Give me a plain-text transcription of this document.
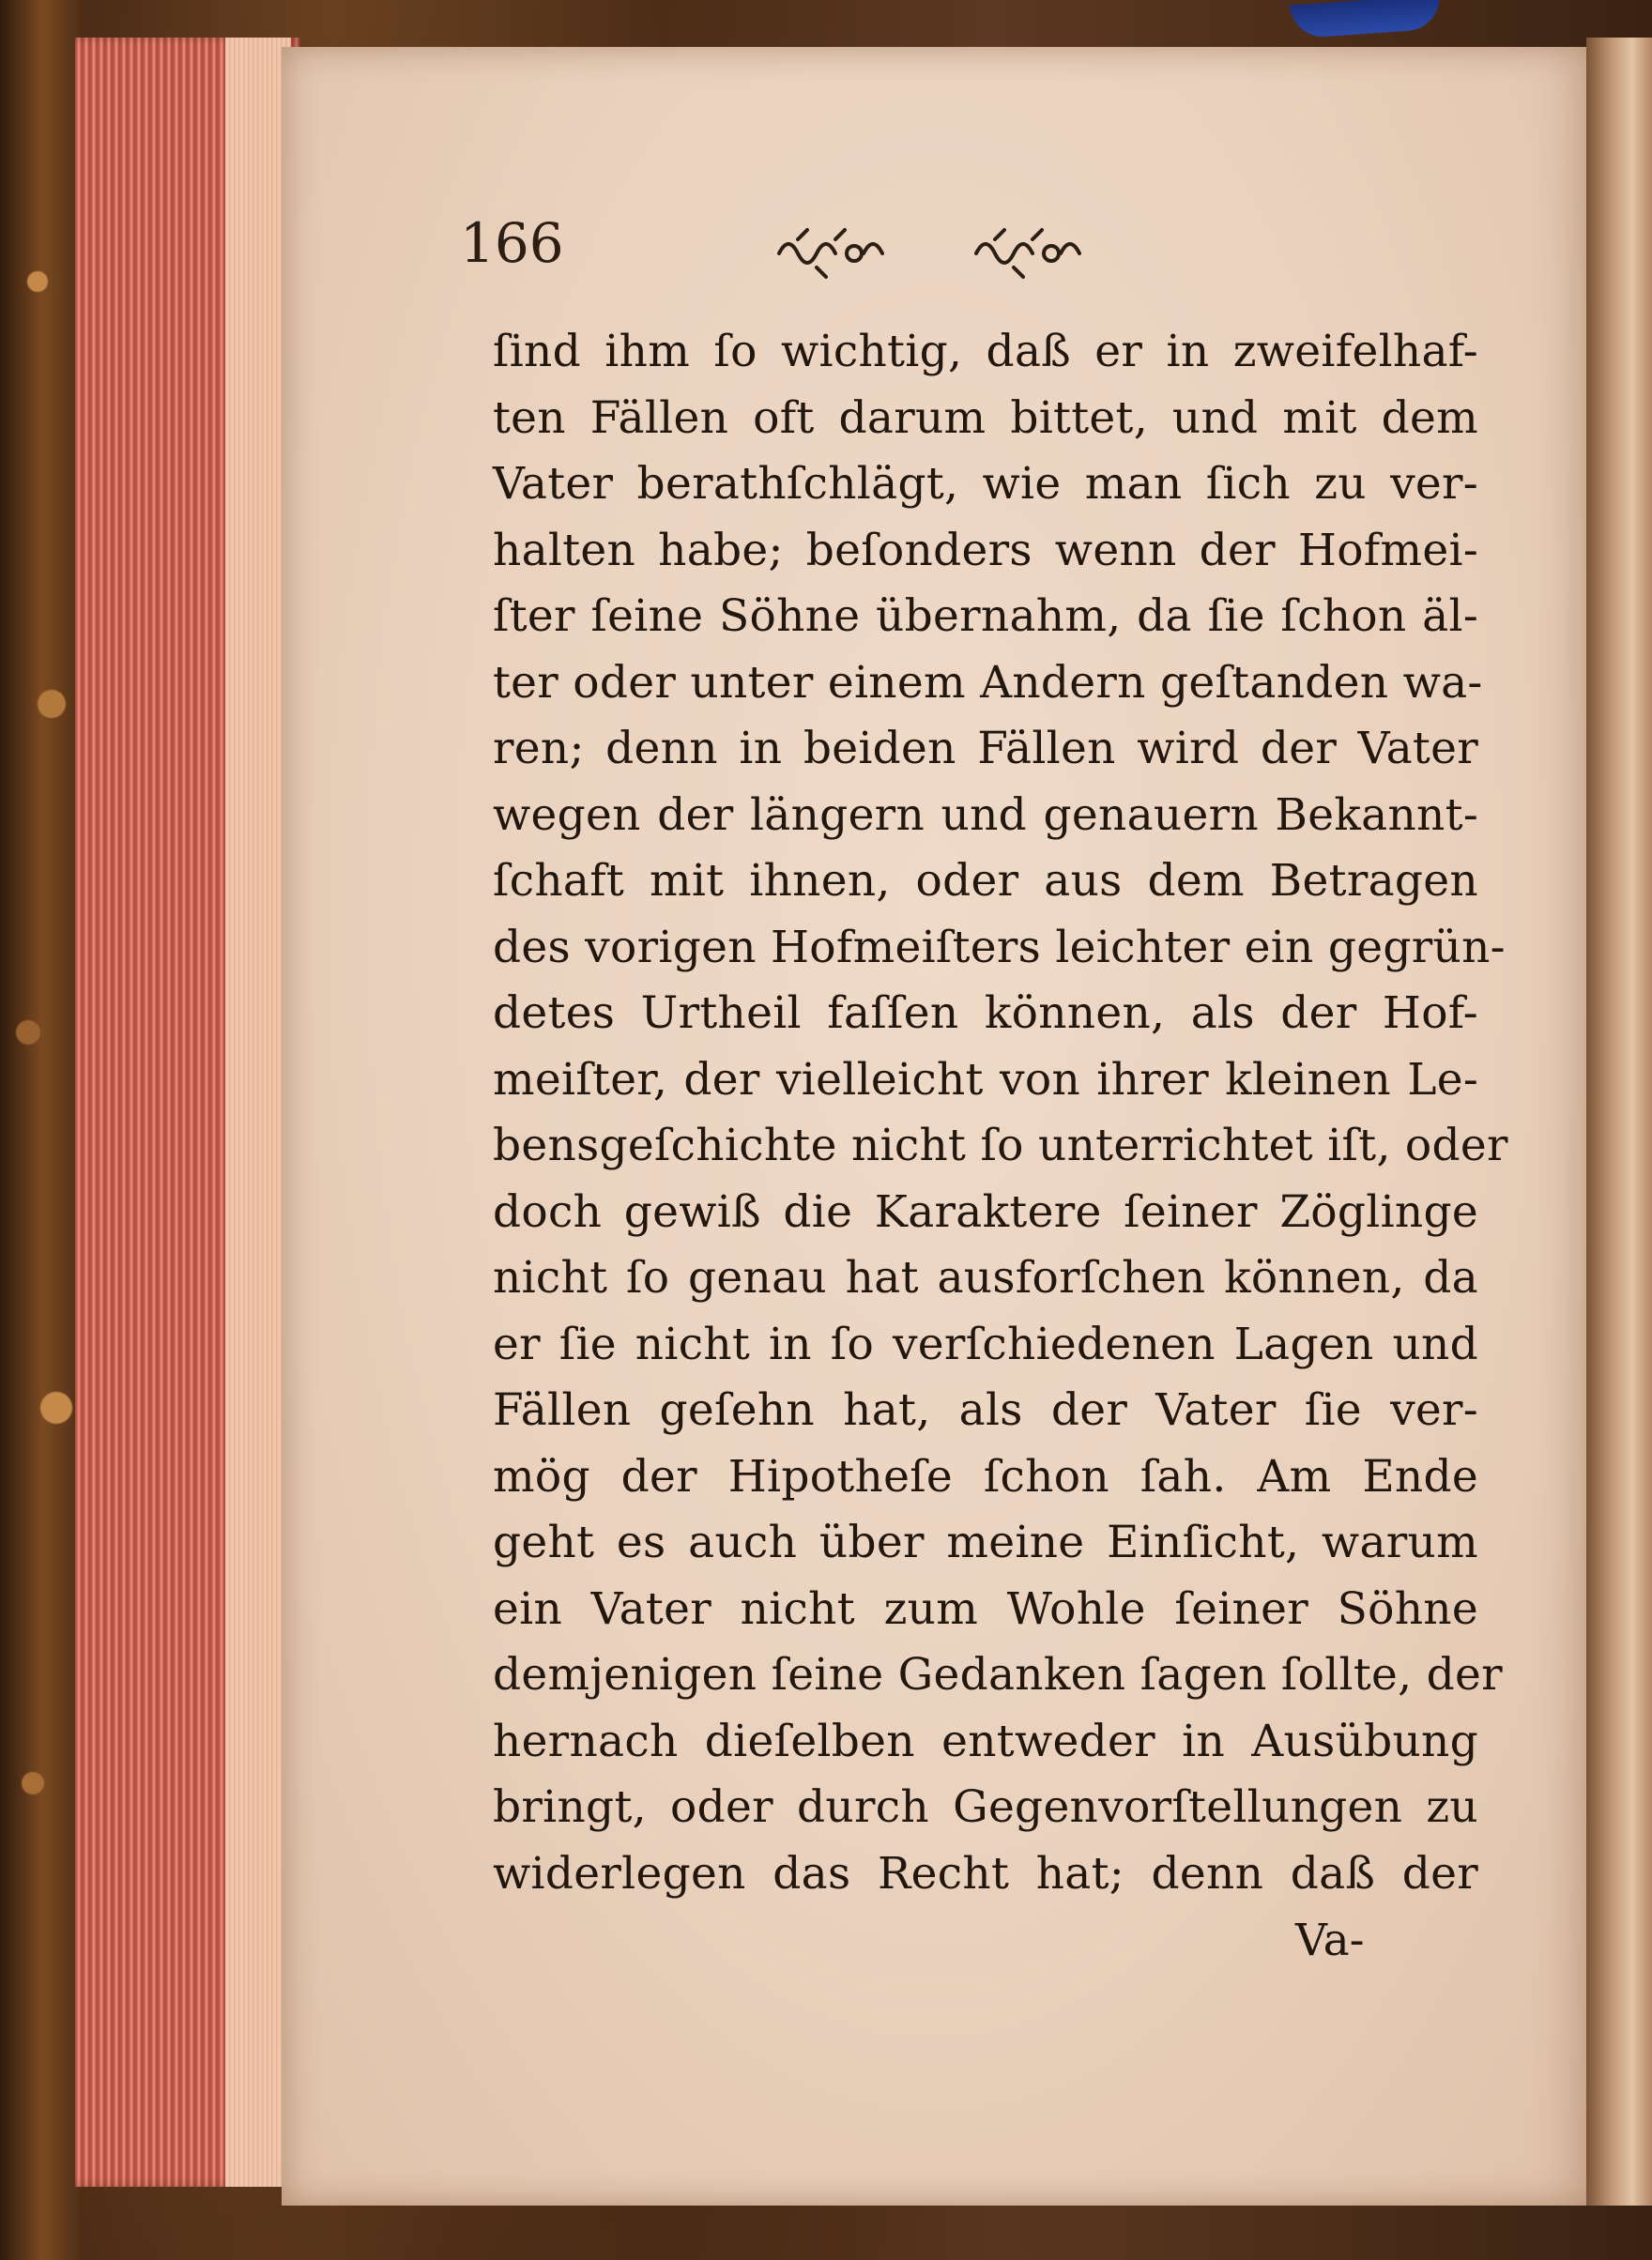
166
ſind ihm ſo wichtig, daß er in zweifelhaf-
ten Fällen oft darum bittet, und mit dem
Vater berathſchlägt, wie man ſich zu ver-
halten habe; beſonders wenn der Hofmei-
ſter ſeine Söhne übernahm, da ſie ſchon äl-
ter oder unter einem Andern geſtanden wa-
ren; denn in beiden Fällen wird der Vater
wegen der längern und genauern Bekannt-
ſchaft mit ihnen, oder aus dem Betragen
des vorigen Hofmeiſters leichter ein gegrün-
detes Urtheil faſſen können, als der Hof-
meiſter, der vielleicht von ihrer kleinen Le-
bensgeſchichte nicht ſo unterrichtet iſt, oder
doch gewiß die Karaktere ſeiner Zöglinge
nicht ſo genau hat ausforſchen können, da
er ſie nicht in ſo verſchiedenen Lagen und
Fällen geſehn hat, als der Vater ſie ver-
mög der Hipotheſe ſchon ſah. Am Ende
geht es auch über meine Einſicht, warum
ein Vater nicht zum Wohle ſeiner Söhne
demjenigen ſeine Gedanken ſagen ſollte, der
hernach dieſelben entweder in Ausübung
bringt, oder durch Gegenvorſtellungen zu
widerlegen das Recht hat; denn daß der
Va-
